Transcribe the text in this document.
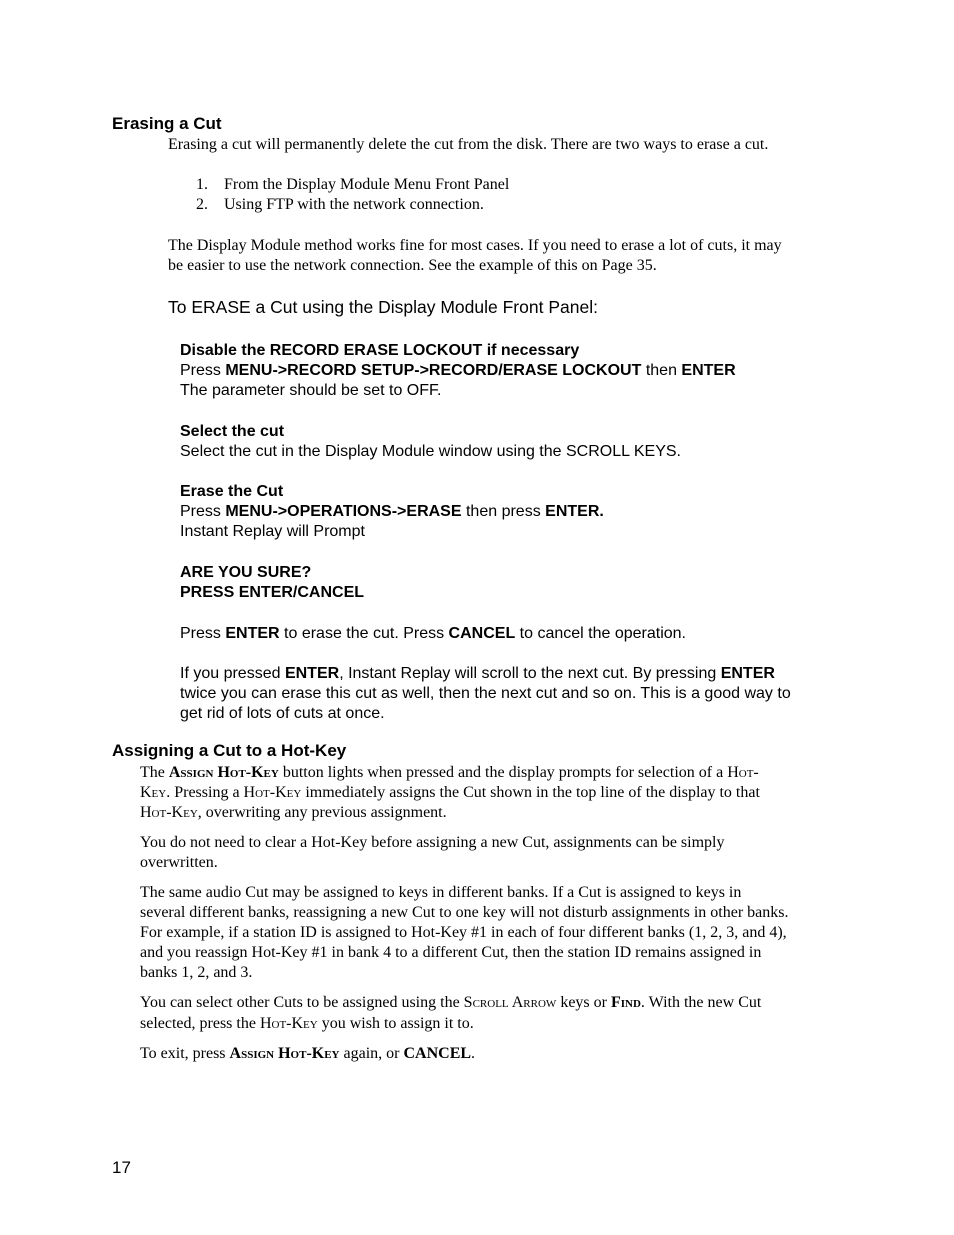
Erasing a Cut
Erasing a cut will permanently delete the cut from the disk. There are two ways to erase a cut.
1. From the Display Module Menu Front Panel
2. Using FTP with the network connection.
The Display Module method works fine for most cases. If you need to erase a lot of cuts, it may
be easier to use the network connection. See the example of this on Page 35.
To ERASE a Cut using the Display Module Front Panel:
Disable the RECORD ERASE LOCKOUT if necessary
Press MENU->RECORD SETUP->RECORD/ERASE LOCKOUT then ENTER
The parameter should be set to OFF.
Select the cut
Select the cut in the Display Module window using the SCROLL KEYS.
Erase the Cut
Press MENU->OPERATIONS->ERASE then press ENTER.
Instant Replay will Prompt
ARE YOU SURE?
PRESS ENTER/CANCEL
Press ENTER to erase the cut. Press CANCEL to cancel the operation.
If you pressed ENTER, Instant Replay will scroll to the next cut. By pressing ENTER
twice you can erase this cut as well, then the next cut and so on. This is a good way to
get rid of lots of cuts at once.
Assigning a Cut to a Hot-Key
The Assign Hot-Key button lights when pressed and the display prompts for selection of a Hot-
Key. Pressing a Hot-Key immediately assigns the Cut shown in the top line of the display to that
Hot-Key, overwriting any previous assignment.
You do not need to clear a Hot-Key before assigning a new Cut, assignments can be simply
overwritten.
The same audio Cut may be assigned to keys in different banks. If a Cut is assigned to keys in
several different banks, reassigning a new Cut to one key will not disturb assignments in other banks.
For example, if a station ID is assigned to Hot-Key #1 in each of four different banks (1, 2, 3, and 4),
and you reassign Hot-Key #1 in bank 4 to a different Cut, then the station ID remains assigned in
banks 1, 2, and 3.
You can select other Cuts to be assigned using the Scroll Arrow keys or Find. With the new Cut
selected, press the Hot-Key you wish to assign it to.
To exit, press Assign Hot-Key again, or CANCEL.
17
